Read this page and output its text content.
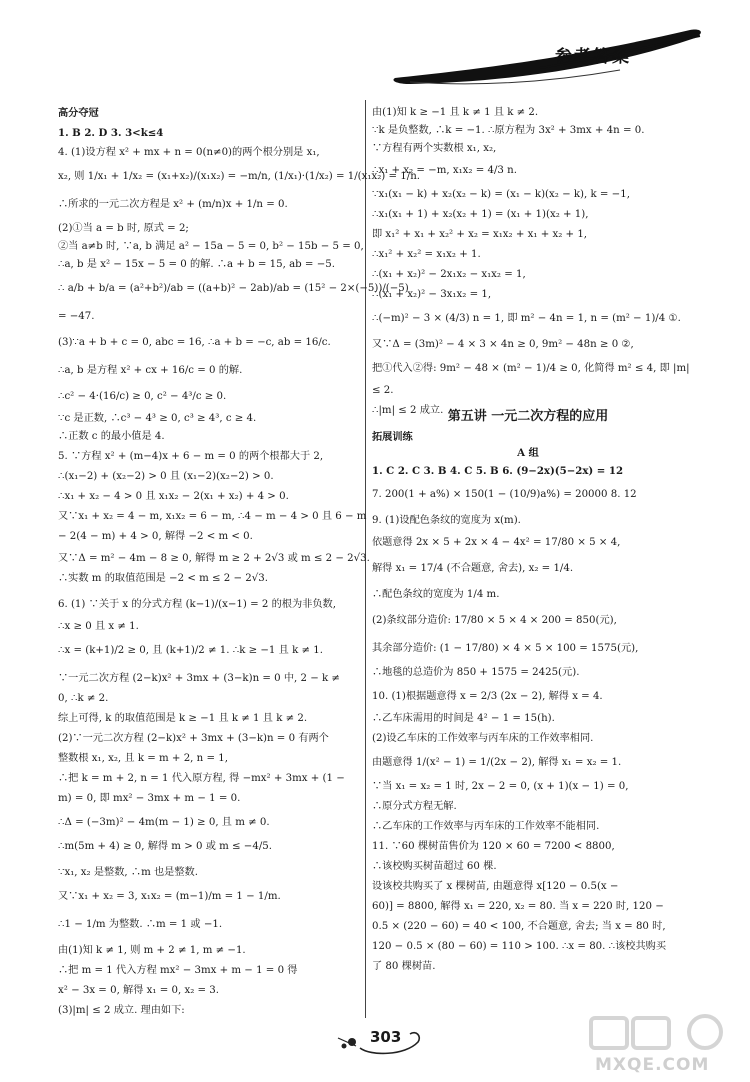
参考答案
高分夺冠
1. B 2. D 3. 3<k≤4
4. (1)设方程 x² + mx + n = 0(n≠0)的两个根分别是 x₁,
x₂, 则 1/x₁ + 1/x₂ = (x₁+x₂)/(x₁x₂) = −m/n, (1/x₁)·(1/x₂) = 1/(x₁x₂) = 1/n.
∴所求的一元二次方程是 x² + (m/n)x + 1/n = 0.
(2)①当 a = b 时, 原式 = 2;
②当 a≠b 时, ∵a, b 满足 a² − 15a − 5 = 0, b² − 15b − 5 = 0,
∴a, b 是 x² − 15x − 5 = 0 的解. ∴a + b = 15, ab = −5.
∴ a/b + b/a = (a²+b²)/ab = ((a+b)² − 2ab)/ab = (15² − 2×(−5))/(−5)
= −47.
(3)∵a + b + c = 0, abc = 16, ∴a + b = −c, ab = 16/c.
∴a, b 是方程 x² + cx + 16/c = 0 的解.
∴c² − 4·(16/c) ≥ 0, c² − 4³/c ≥ 0.
∵c 是正数, ∴c³ − 4³ ≥ 0, c³ ≥ 4³, c ≥ 4.
∴正数 c 的最小值是 4.
5. ∵方程 x² + (m−4)x + 6 − m = 0 的两个根都大于 2,
∴(x₁−2) + (x₂−2) > 0 且 (x₁−2)(x₂−2) > 0.
∴x₁ + x₂ − 4 > 0 且 x₁x₂ − 2(x₁ + x₂) + 4 > 0.
又∵x₁ + x₂ = 4 − m, x₁x₂ = 6 − m, ∴4 − m − 4 > 0 且 6 − m
− 2(4 − m) + 4 > 0, 解得 −2 < m < 0.
又∵Δ = m² − 4m − 8 ≥ 0, 解得 m ≥ 2 + 2√3 或 m ≤ 2 − 2√3.
∴实数 m 的取值范围是 −2 < m ≤ 2 − 2√3.
6. (1) ∵关于 x 的分式方程 (k−1)/(x−1) = 2 的根为非负数,
∴x ≥ 0 且 x ≠ 1.
∴x = (k+1)/2 ≥ 0, 且 (k+1)/2 ≠ 1. ∴k ≥ −1 且 k ≠ 1.
∵一元二次方程 (2−k)x² + 3mx + (3−k)n = 0 中, 2 − k ≠
0, ∴k ≠ 2.
综上可得, k 的取值范围是 k ≥ −1 且 k ≠ 1 且 k ≠ 2.
(2)∵一元二次方程 (2−k)x² + 3mx + (3−k)n = 0 有两个
整数根 x₁, x₂, 且 k = m + 2, n = 1,
∴把 k = m + 2, n = 1 代入原方程, 得 −mx² + 3mx + (1 −
m) = 0, 即 mx² − 3mx + m − 1 = 0.
∴Δ = (−3m)² − 4m(m − 1) ≥ 0, 且 m ≠ 0.
∴m(5m + 4) ≥ 0, 解得 m > 0 或 m ≤ −4/5.
∵x₁, x₂ 是整数, ∴m 也是整数.
又∵x₁ + x₂ = 3, x₁x₂ = (m−1)/m = 1 − 1/m.
∴1 − 1/m 为整数. ∴m = 1 或 −1.
由(1)知 k ≠ 1, 则 m + 2 ≠ 1, m ≠ −1.
∴把 m = 1 代入方程 mx² − 3mx + m − 1 = 0 得
x² − 3x = 0, 解得 x₁ = 0, x₂ = 3.
(3)|m| ≤ 2 成立. 理由如下:
由(1)知 k ≥ −1 且 k ≠ 1 且 k ≠ 2.
∵k 是负整数, ∴k = −1. ∴原方程为 3x² + 3mx + 4n = 0.
∵方程有两个实数根 x₁, x₂,
∴x₁ + x₂ = −m, x₁x₂ = 4/3 n.
∵x₁(x₁ − k) + x₂(x₂ − k) = (x₁ − k)(x₂ − k), k = −1,
∴x₁(x₁ + 1) + x₂(x₂ + 1) = (x₁ + 1)(x₂ + 1),
即 x₁² + x₁ + x₂² + x₂ = x₁x₂ + x₁ + x₂ + 1,
∴x₁² + x₂² = x₁x₂ + 1.
∴(x₁ + x₂)² − 2x₁x₂ − x₁x₂ = 1,
∴(x₁ + x₂)² − 3x₁x₂ = 1,
∴(−m)² − 3 × (4/3) n = 1, 即 m² − 4n = 1, n = (m² − 1)/4 ①.
又∵Δ = (3m)² − 4 × 3 × 4n ≥ 0, 9m² − 48n ≥ 0 ②,
把①代入②得: 9m² − 48 × (m² − 1)/4 ≥ 0, 化简得 m² ≤ 4, 即 |m|
≤ 2.
∴|m| ≤ 2 成立. 第五讲 一元二次方程的应用
拓展训练
A 组
1. C 2. C 3. B 4. C 5. B 6. (9−2x)(5−2x) = 12
7. 200(1 + a%) × 150(1 − (10/9)a%) = 20000 8. 12
9. (1)设配色条纹的宽度为 x(m).
依题意得 2x × 5 + 2x × 4 − 4x² = 17/80 × 5 × 4,
解得 x₁ = 17/4 (不合题意, 舍去), x₂ = 1/4.
∴配色条纹的宽度为 1/4 m.
(2)条纹部分造价: 17/80 × 5 × 4 × 200 = 850(元),
其余部分造价: (1 − 17/80) × 4 × 5 × 100 = 1575(元),
∴地毯的总造价为 850 + 1575 = 2425(元).
10. (1)根据题意得 x = 2/3 (2x − 2), 解得 x = 4.
∴乙车床需用的时间是 4² − 1 = 15(h).
(2)设乙车床的工作效率与丙车床的工作效率相同.
由题意得 1/(x² − 1) = 1/(2x − 2), 解得 x₁ = x₂ = 1.
∵当 x₁ = x₂ = 1 时, 2x − 2 = 0, (x + 1)(x − 1) = 0,
∴原分式方程无解.
∴乙车床的工作效率与丙车床的工作效率不能相同.
11. ∵60 棵树苗售价为 120 × 60 = 7200 < 8800,
∴该校购买树苗超过 60 棵.
设该校共购买了 x 棵树苗, 由题意得 x[120 − 0.5(x −
60)] = 8800, 解得 x₁ = 220, x₂ = 80. 当 x = 220 时, 120 −
0.5 × (220 − 60) = 40 < 100, 不合题意, 舍去; 当 x = 80 时,
120 − 0.5 × (80 − 60) = 110 > 100. ∴x = 80. ∴该校共购买
了 80 棵树苗.
303
MXQE.COM
